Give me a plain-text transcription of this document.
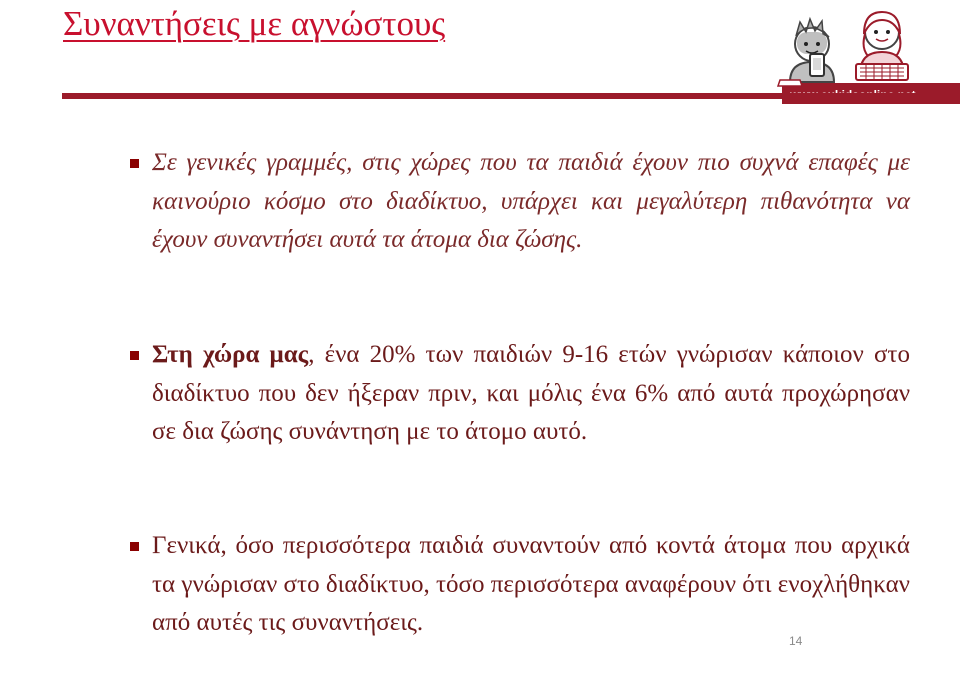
Συναντήσεις με αγνώστους

Σε γενικές γραμμές, στις χώρες που τα παιδιά έχουν πιο συχνά επαφές με καινούριο κόσμο στο διαδίκτυο, υπάρχει και μεγαλύτερη πιθανότητα να έχουν συναντήσει αυτά τα άτομα δια ζώσης.

Στη χώρα μας, ένα 20% των παιδιών 9-16 ετών γνώρισαν κάποιον στο διαδίκτυο που δεν ήξεραν πριν, και μόλις ένα 6% από αυτά προχώρησαν σε δια ζώσης συνάντηση με το άτομο αυτό.

Γενικά, όσο περισσότερα παιδιά συναντούν από κοντά άτομα που αρχικά τα γνώρισαν στο διαδίκτυο, τόσο περισσότερα αναφέρουν ότι ενοχλήθηκαν από αυτές τις συναντήσεις.

14
